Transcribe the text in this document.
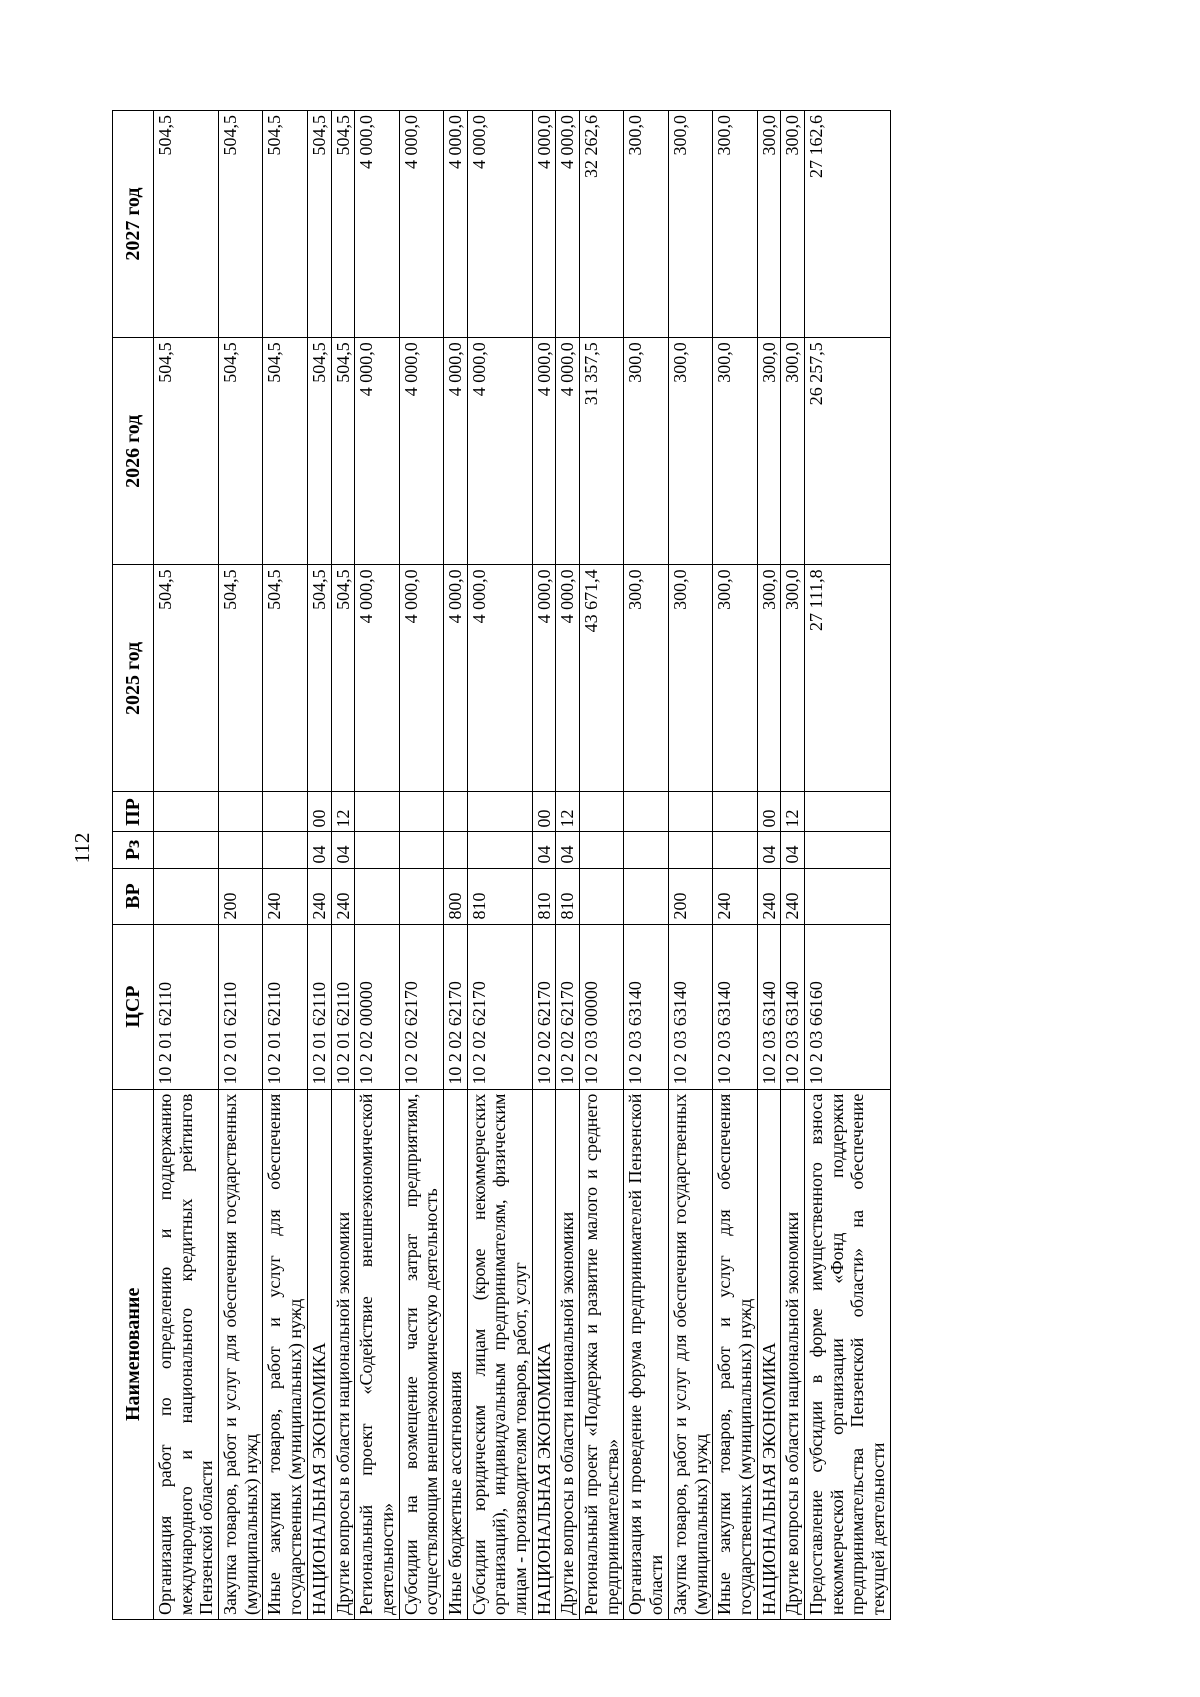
112
Наименование	ЦСР	ВР	Рз	ПР	2025 год	2026 год	2027 год
Организация работ по определению и поддержанию международного и национального кредитных рейтингов Пензенской области	10 2 01 62110				504,5	504,5	504,5
Закупка товаров, работ и услуг для обеспечения государственных (муниципальных) нужд	10 2 01 62110	200			504,5	504,5	504,5
Иные закупки товаров, работ и услуг для обеспечения государственных (муниципальных) нужд	10 2 01 62110	240			504,5	504,5	504,5
НАЦИОНАЛЬНАЯ ЭКОНОМИКА	10 2 01 62110	240	04	00	504,5	504,5	504,5
Другие вопросы в области национальной экономики	10 2 01 62110	240	04	12	504,5	504,5	504,5
Региональный проект «Содействие внешнеэкономической деятельности»	10 2 02 00000				4 000,0	4 000,0	4 000,0
Субсидии на возмещение части затрат предприятиям, осуществляющим внешнеэкономическую деятельность	10 2 02 62170				4 000,0	4 000,0	4 000,0
Иные бюджетные ассигнования	10 2 02 62170	800			4 000,0	4 000,0	4 000,0
Субсидии юридическим лицам (кроме некоммерческих организаций), индивидуальным предпринимателям, физическим лицам - производителям товаров, работ, услуг	10 2 02 62170	810			4 000,0	4 000,0	4 000,0
НАЦИОНАЛЬНАЯ ЭКОНОМИКА	10 2 02 62170	810	04	00	4 000,0	4 000,0	4 000,0
Другие вопросы в области национальной экономики	10 2 02 62170	810	04	12	4 000,0	4 000,0	4 000,0
Региональный проект «Поддержка и развитие малого и среднего предпринимательства»	10 2 03 00000				43 671,4	31 357,5	32 262,6
Организация и проведение форума предпринимателей Пензенской области	10 2 03 63140				300,0	300,0	300,0
Закупка товаров, работ и услуг для обеспечения государственных (муниципальных) нужд	10 2 03 63140	200			300,0	300,0	300,0
Иные закупки товаров, работ и услуг для обеспечения государственных (муниципальных) нужд	10 2 03 63140	240			300,0	300,0	300,0
НАЦИОНАЛЬНАЯ ЭКОНОМИКА	10 2 03 63140	240	04	00	300,0	300,0	300,0
Другие вопросы в области национальной экономики	10 2 03 63140	240	04	12	300,0	300,0	300,0
Предоставление субсидии в форме имущественного взноса некоммерческой организации «Фонд поддержки предпринимательства Пензенской области» на обеспечение текущей деятельности	10 2 03 66160				27 111,8	26 257,5	27 162,6
